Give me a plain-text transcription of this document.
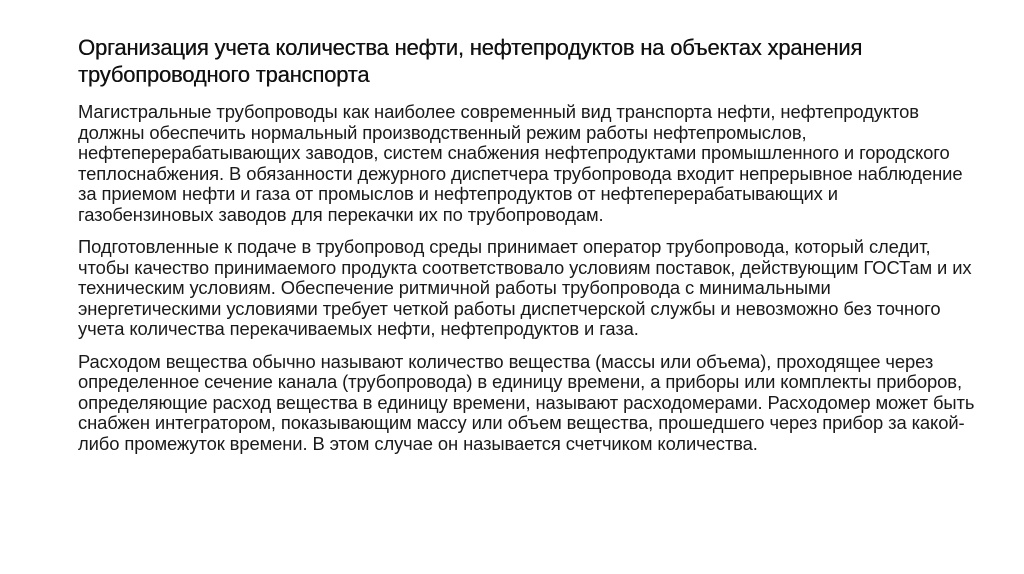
Организация учета количества нефти, нефтепродуктов на объектах хранения трубопроводного транспорта

Магистральные трубопроводы как наиболее современный вид транспорта нефти, нефтепродуктов должны обеспечить нормальный производственный режим работы нефтепромыслов, нефтеперерабатывающих заводов, систем снабжения нефтепродуктами промышленного и городского теплоснабжения. В обязанности дежурного диспетчера трубопровода входит непрерывное наблюдение за приемом нефти и газа от промыслов и нефтепродуктов от нефтеперерабатывающих и газобензиновых заводов для перекачки их по трубопроводам.

Подготовленные к подаче в трубопровод среды принимает оператор трубопровода, который следит, чтобы качество принимаемого продукта соответствовало условиям поставок, действующим ГОСТам и их техническим условиям. Обеспечение ритмичной работы трубопровода с минимальными энергетическими условиями требует четкой работы диспетчерской службы и невозможно без точного учета количества перекачиваемых нефти, нефтепродуктов и газа.

Расходом вещества обычно называют количество вещества (массы или объема), проходящее через определенное сечение канала (трубопровода) в единицу времени, а приборы или комплекты приборов, определяющие расход вещества в единицу времени, называют расходомерами. Расходомер может быть снабжен интегратором, показывающим массу или объем вещества, прошедшего через прибор за какой-либо промежуток времени. В этом случае он называется счетчиком количества.
